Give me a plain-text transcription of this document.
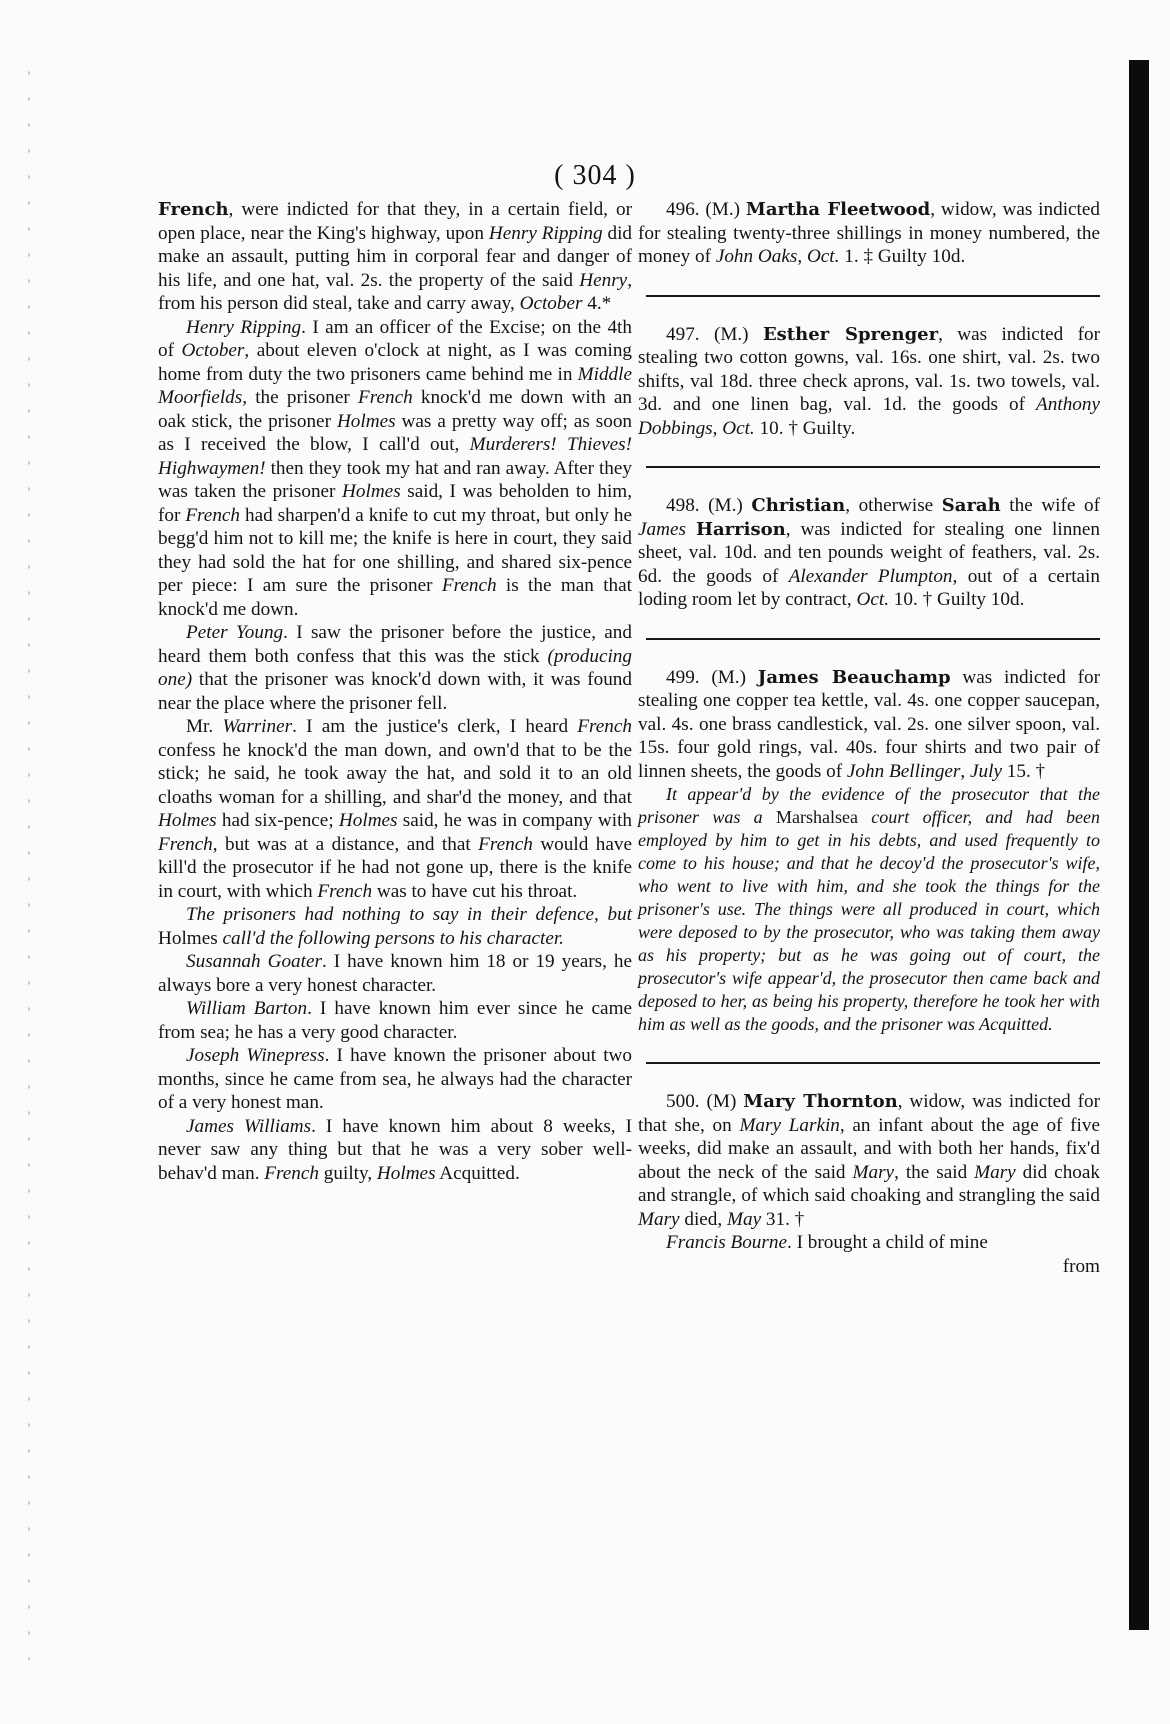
( 304 )

French, were indicted for that they, in a certain field, or open place, near the King's highway, upon Henry Ripping did make an assault, putting him in corporal fear and danger of his life, and one hat, val. 2s. the property of the said Henry, from his person did steal, take and carry away, October 4.*

Henry Ripping. I am an officer of the Excise; on the 4th of October, about eleven o'clock at night, as I was coming home from duty the two prisoners came behind me in Middle Moorfields, the prisoner French knock'd me down with an oak stick, the prisoner Holmes was a pretty way off; as soon as I received the blow, I call'd out, Murderers! Thieves! Highwaymen! then they took my hat and ran away. After they was taken the prisoner Holmes said, I was beholden to him, for French had sharpen'd a knife to cut my throat, but only he begg'd him not to kill me; the knife is here in court, they said they had sold the hat for one shilling, and shared six-pence per piece: I am sure the prisoner French is the man that knock'd me down.

Peter Young. I saw the prisoner before the justice, and heard them both confess that this was the stick (producing one) that the prisoner was knock'd down with, it was found near the place where the prisoner fell.

Mr. Warriner. I am the justice's clerk, I heard French confess he knock'd the man down, and own'd that to be the stick; he said, he took away the hat, and sold it to an old cloaths woman for a shilling, and shar'd the money, and that Holmes had six-pence; Holmes said, he was in company with French, but was at a distance, and that French would have kill'd the prosecutor if he had not gone up, there is the knife in court, with which French was to have cut his throat.

The prisoners had nothing to say in their defence, but Holmes call'd the following persons to his character.

Susannah Goater. I have known him 18 or 19 years, he always bore a very honest character.

William Barton. I have known him ever since he came from sea; he has a very good character.

Joseph Winepress. I have known the prisoner about two months, since he came from sea, he always had the character of a very honest man.

James Williams. I have known him about 8 weeks, I never saw any thing but that he was a very sober well-behav'd man. French guilty, Holmes Acquitted.

496. (M.) Martha Fleetwood, widow, was indicted for stealing twenty-three shillings in money numbered, the money of John Oaks, Oct. 1. ‡ Guilty 10d.

497. (M.) Esther Sprenger, was indicted for stealing two cotton gowns, val. 16s. one shirt, val. 2s. two shifts, val 18d. three check aprons, val. 1s. two towels, val. 3d. and one linen bag, val. 1d. the goods of Anthony Dobbings, Oct. 10. † Guilty.

498. (M.) Christian, otherwise Sarah the wife of James Harrison, was indicted for stealing one linnen sheet, val. 10d. and ten pounds weight of feathers, val. 2s. 6d. the goods of Alexander Plumpton, out of a certain loding room let by contract, Oct. 10. † Guilty 10d.

499. (M.) James Beauchamp was indicted for stealing one copper tea kettle, val. 4s. one copper saucepan, val. 4s. one brass candlestick, val. 2s. one silver spoon, val. 15s. four gold rings, val. 40s. four shirts and two pair of linnen sheets, the goods of John Bellinger, July 15. †

It appear'd by the evidence of the prosecutor that the prisoner was a Marshalsea court officer, and had been employed by him to get in his debts, and used frequently to come to his house; and that he decoy'd the prosecutor's wife, who went to live with him, and she took the things for the prisoner's use. The things were all produced in court, which were deposed to by the prosecutor, who was taking them away as his property; but as he was going out of court, the prosecutor's wife appear'd, the prosecutor then came back and deposed to her, as being his property, therefore he took her with him as well as the goods, and the prisoner was Acquitted.

500. (M) Mary Thornton, widow, was indicted for that she, on Mary Larkin, an infant about the age of five weeks, did make an assault, and with both her hands, fix'd about the neck of the said Mary, the said Mary did choak and strangle, of which said choaking and strangling the said Mary died, May 31. †

Francis Bourne. I brought a child of mine

from
